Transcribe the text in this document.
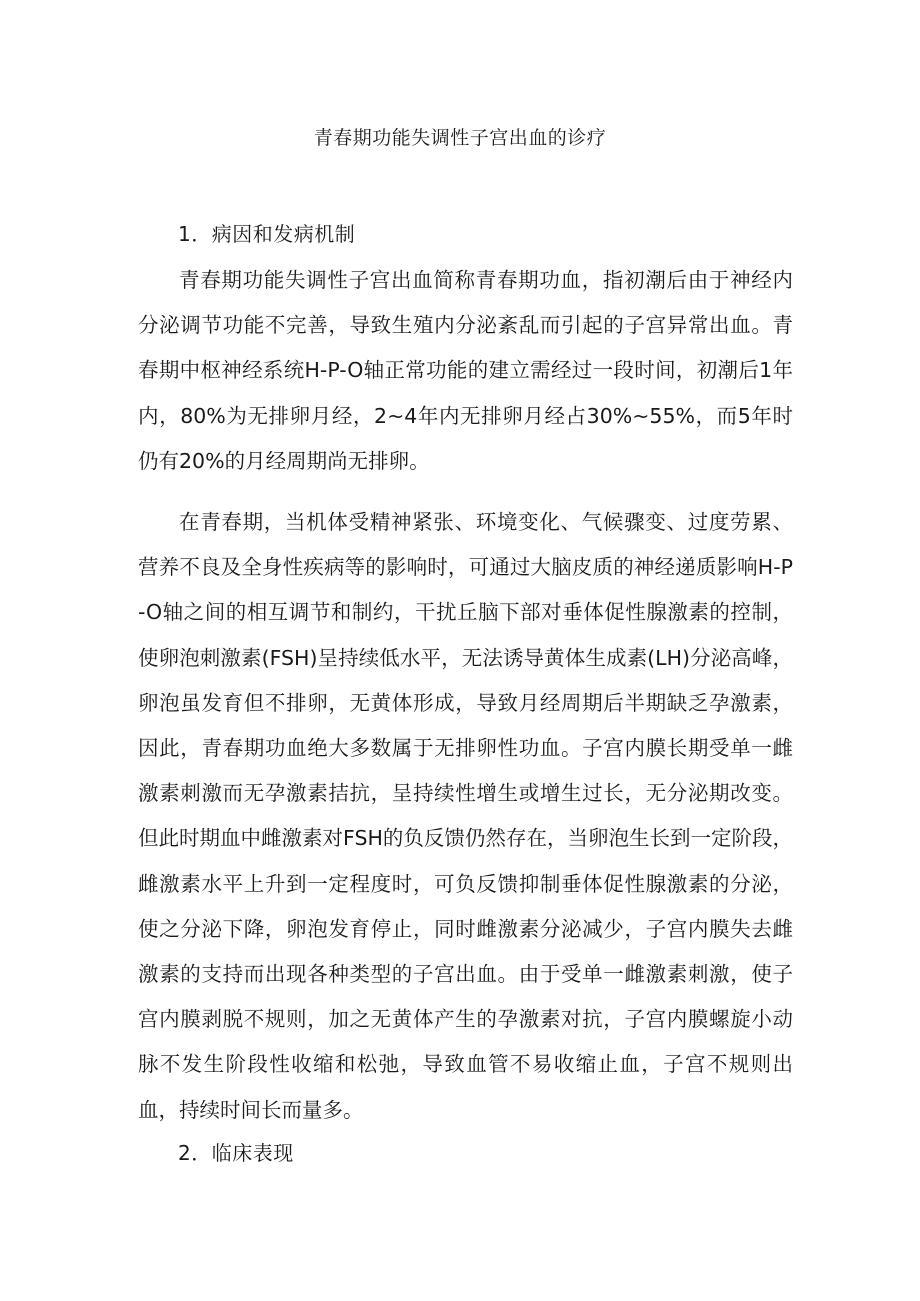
青春期功能失调性子宫出血的诊疗
1．病因和发病机制

青春期功能失调性子宫出血简称青春期功血，指初潮后由于神经内分泌调节功能不完善，导致生殖内分泌紊乱而引起的子宫异常出血。青春期中枢神经系统H-P-O轴正常功能的建立需经过一段时间，初潮后1年内，80%为无排卵月经，2~4年内无排卵月经占30%~55%，而5年时仍有20%的月经周期尚无排卵。

在青春期，当机体受精神紧张、环境变化、气候骤变、过度劳累、营养不良及全身性疾病等的影响时，可通过大脑皮质的神经递质影响H-P-O轴之间的相互调节和制约，干扰丘脑下部对垂体促性腺激素的控制，使卵泡刺激素(FSH)呈持续低水平，无法诱导黄体生成素(LH)分泌高峰，卵泡虽发育但不排卵，无黄体形成，导致月经周期后半期缺乏孕激素，因此，青春期功血绝大多数属于无排卵性功血。子宫内膜长期受单一雌激素刺激而无孕激素拮抗，呈持续性增生或增生过长，无分泌期改变。但此时期血中雌激素对FSH的负反馈仍然存在，当卵泡生长到一定阶段，雌激素水平上升到一定程度时，可负反馈抑制垂体促性腺激素的分泌，使之分泌下降，卵泡发育停止，同时雌激素分泌减少，子宫内膜失去雌激素的支持而出现各种类型的子宫出血。由于受单一雌激素刺激，使子宫内膜剥脱不规则，加之无黄体产生的孕激素对抗，子宫内膜螺旋小动脉不发生阶段性收缩和松弛，导致血管不易收缩止血，子宫不规则出血，持续时间长而量多。

2．临床表现
